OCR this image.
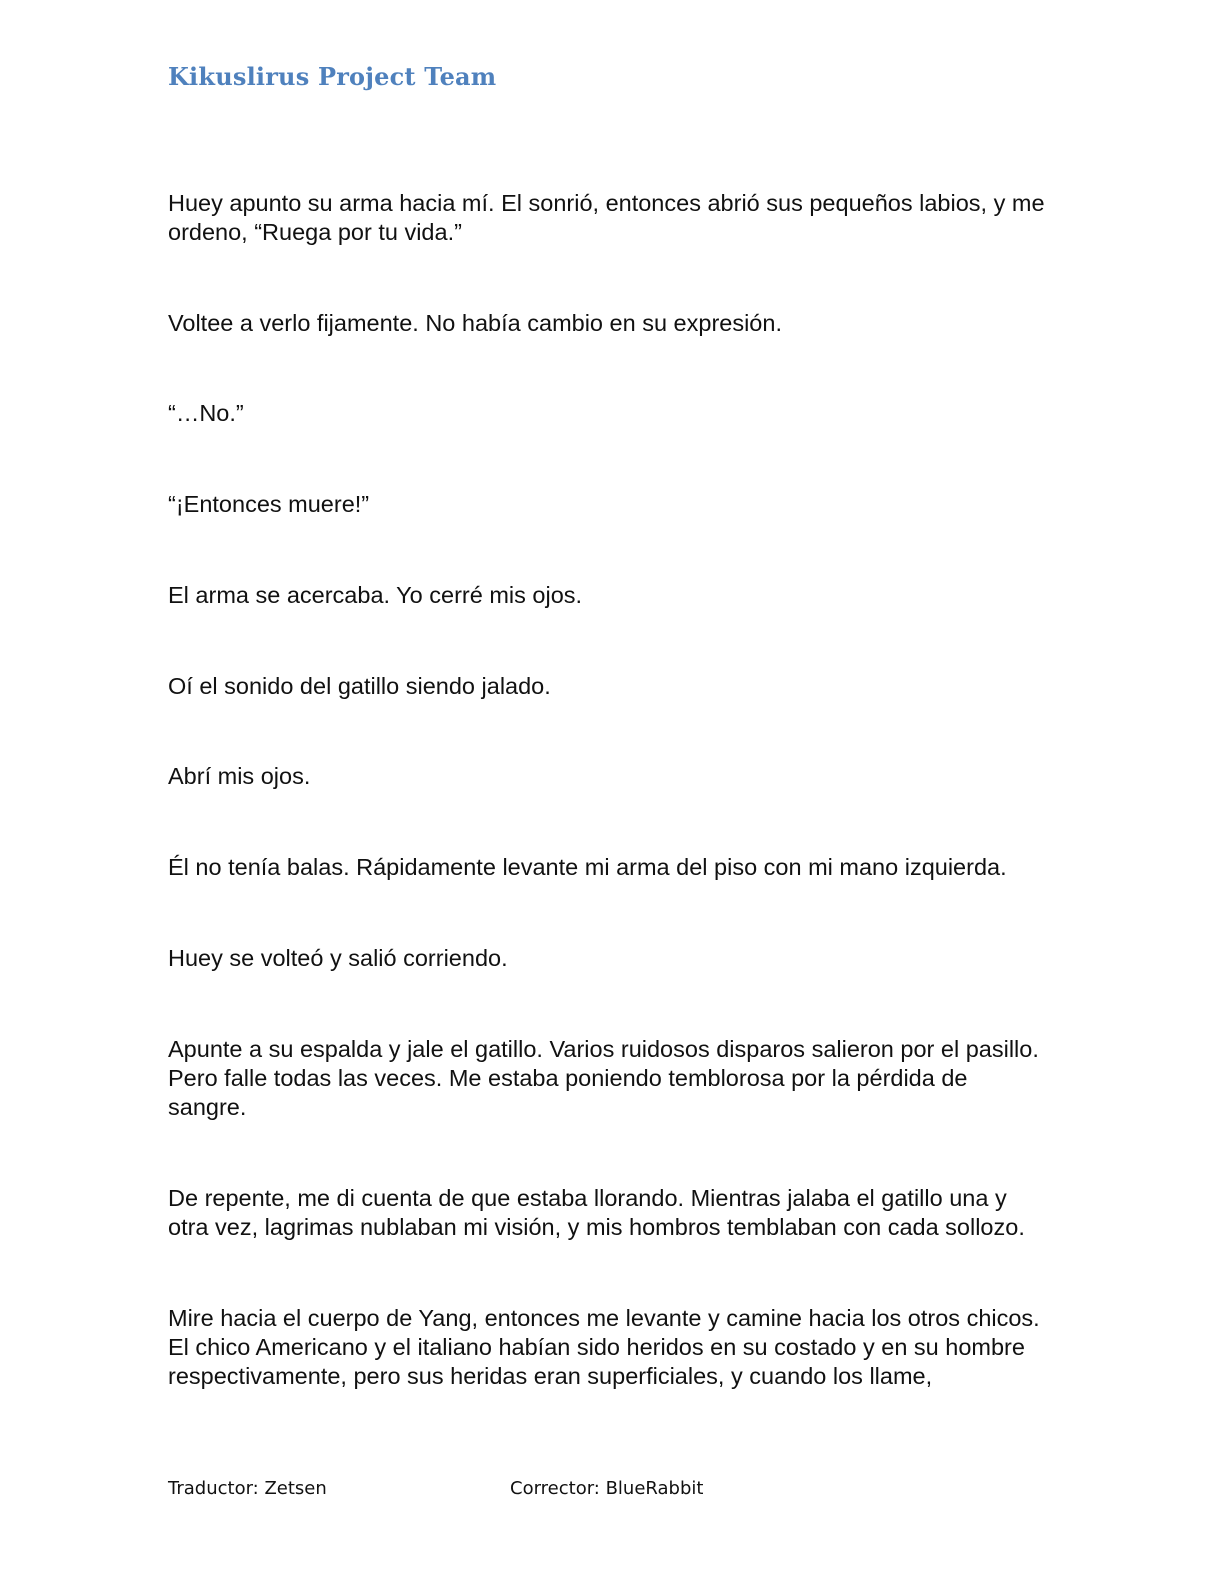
Kikuslirus Project Team

Huey apunto su arma hacia mí. El sonrió, entonces abrió sus pequeños labios, y me ordeno, “Ruega por tu vida.”

Voltee a verlo fijamente. No había cambio en su expresión.

“…No.”

“¡Entonces muere!”

El arma se acercaba. Yo cerré mis ojos.

Oí el sonido del gatillo siendo jalado.

Abrí mis ojos.

Él no tenía balas. Rápidamente levante mi arma del piso con mi mano izquierda.

Huey se volteó y salió corriendo.

Apunte a su espalda y jale el gatillo. Varios ruidosos disparos salieron por el pasillo. Pero falle todas las veces. Me estaba poniendo temblorosa por la pérdida de sangre.

De repente, me di cuenta de que estaba llorando. Mientras jalaba el gatillo una y otra vez, lagrimas nublaban mi visión, y mis hombros temblaban con cada sollozo.

Mire hacia el cuerpo de Yang, entonces me levante y camine hacia los otros chicos. El chico Americano y el italiano habían sido heridos en su costado y en su hombre respectivamente, pero sus heridas eran superficiales, y cuando los llame,

Traductor: Zetsen	Corrector: BlueRabbit
